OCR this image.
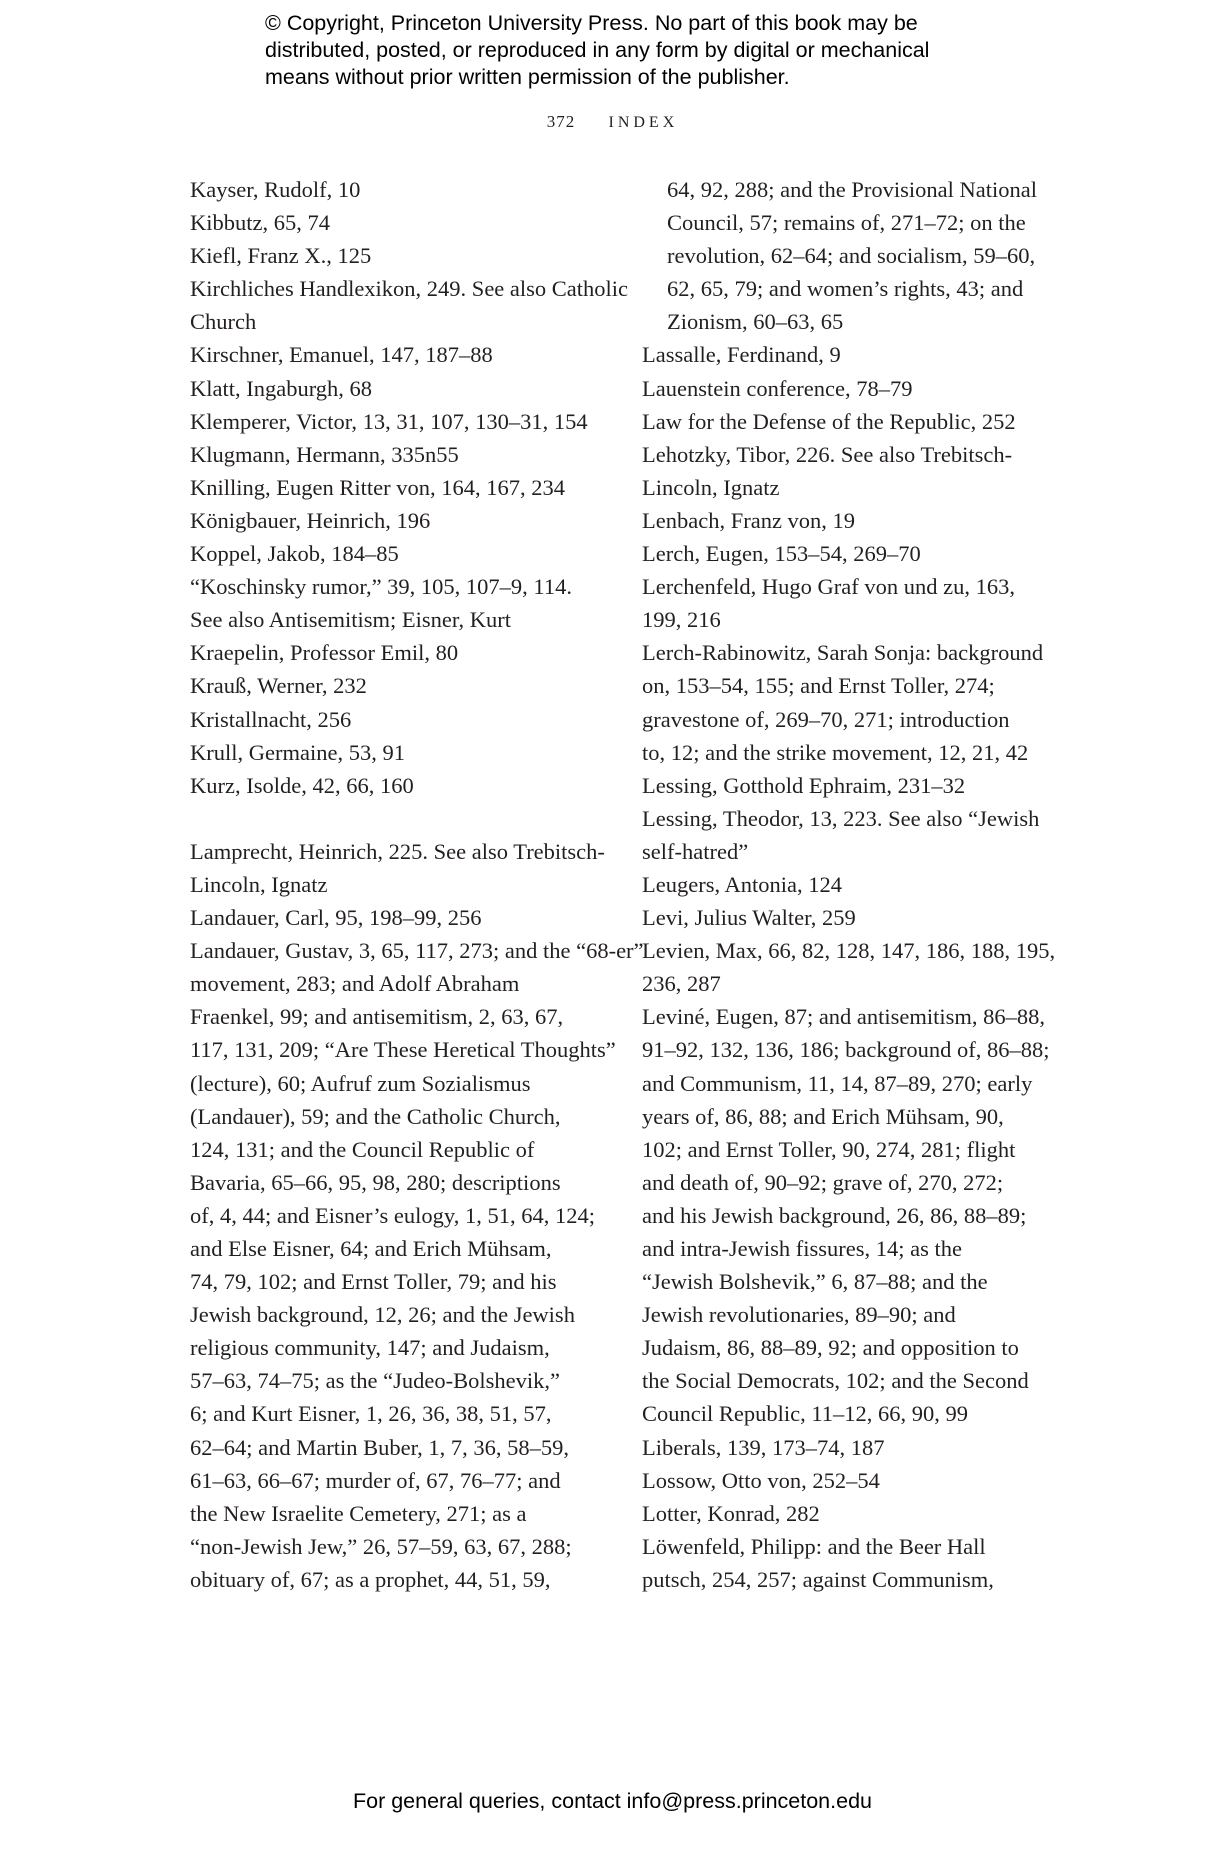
© Copyright, Princeton University Press. No part of this book may be
distributed, posted, or reproduced in any form by digital or mechanical
means without prior written permission of the publisher.
372 INDEX
Kayser, Rudolf, 10
Kibbutz, 65, 74
Kiefl, Franz X., 125
Kirchliches Handlexikon, 249. See also Catholic
Church
Kirschner, Emanuel, 147, 187–88
Klatt, Ingaburgh, 68
Klemperer, Victor, 13, 31, 107, 130–31, 154
Klugmann, Hermann, 335n55
Knilling, Eugen Ritter von, 164, 167, 234
Königbauer, Heinrich, 196
Koppel, Jakob, 184–85
“Koschinsky rumor,” 39, 105, 107–9, 114.
See also Antisemitism; Eisner, Kurt
Kraepelin, Professor Emil, 80
Krauß, Werner, 232
Kristallnacht, 256
Krull, Germaine, 53, 91
Kurz, Isolde, 42, 66, 160
Lamprecht, Heinrich, 225. See also Trebitsch-
Lincoln, Ignatz
Landauer, Carl, 95, 198–99, 256
Landauer, Gustav, 3, 65, 117, 273; and the “68-er”
movement, 283; and Adolf Abraham
Fraenkel, 99; and antisemitism, 2, 63, 67,
117, 131, 209; “Are These Heretical Thoughts”
(lecture), 60; Aufruf zum Sozialismus
(Landauer), 59; and the Catholic Church,
124, 131; and the Council Republic of
Bavaria, 65–66, 95, 98, 280; descriptions
of, 4, 44; and Eisner’s eulogy, 1, 51, 64, 124;
and Else Eisner, 64; and Erich Mühsam,
74, 79, 102; and Ernst Toller, 79; and his
Jewish background, 12, 26; and the Jewish
religious community, 147; and Judaism,
57–63, 74–75; as the “Judeo-Bolshevik,”
6; and Kurt Eisner, 1, 26, 36, 38, 51, 57,
62–64; and Martin Buber, 1, 7, 36, 58–59,
61–63, 66–67; murder of, 67, 76–77; and
the New Israelite Cemetery, 271; as a
“non-Jewish Jew,” 26, 57–59, 63, 67, 288;
obituary of, 67; as a prophet, 44, 51, 59,
64, 92, 288; and the Provisional National
Council, 57; remains of, 271–72; on the
revolution, 62–64; and socialism, 59–60,
62, 65, 79; and women’s rights, 43; and
Zionism, 60–63, 65
Lassalle, Ferdinand, 9
Lauenstein conference, 78–79
Law for the Defense of the Republic, 252
Lehotzky, Tibor, 226. See also Trebitsch-
Lincoln, Ignatz
Lenbach, Franz von, 19
Lerch, Eugen, 153–54, 269–70
Lerchenfeld, Hugo Graf von und zu, 163,
199, 216
Lerch-Rabinowitz, Sarah Sonja: background
on, 153–54, 155; and Ernst Toller, 274;
gravestone of, 269–70, 271; introduction
to, 12; and the strike movement, 12, 21, 42
Lessing, Gotthold Ephraim, 231–32
Lessing, Theodor, 13, 223. See also “Jewish
self-hatred”
Leugers, Antonia, 124
Levi, Julius Walter, 259
Levien, Max, 66, 82, 128, 147, 186, 188, 195,
236, 287
Leviné, Eugen, 87; and antisemitism, 86–88,
91–92, 132, 136, 186; background of, 86–88;
and Communism, 11, 14, 87–89, 270; early
years of, 86, 88; and Erich Mühsam, 90,
102; and Ernst Toller, 90, 274, 281; flight
and death of, 90–92; grave of, 270, 272;
and his Jewish background, 26, 86, 88–89;
and intra-Jewish fissures, 14; as the
“Jewish Bolshevik,” 6, 87–88; and the
Jewish revolutionaries, 89–90; and
Judaism, 86, 88–89, 92; and opposition to
the Social Democrats, 102; and the Second
Council Republic, 11–12, 66, 90, 99
Liberals, 139, 173–74, 187
Lossow, Otto von, 252–54
Lotter, Konrad, 282
Löwenfeld, Philipp: and the Beer Hall
putsch, 254, 257; against Communism,
For general queries, contact info@press.princeton.edu
